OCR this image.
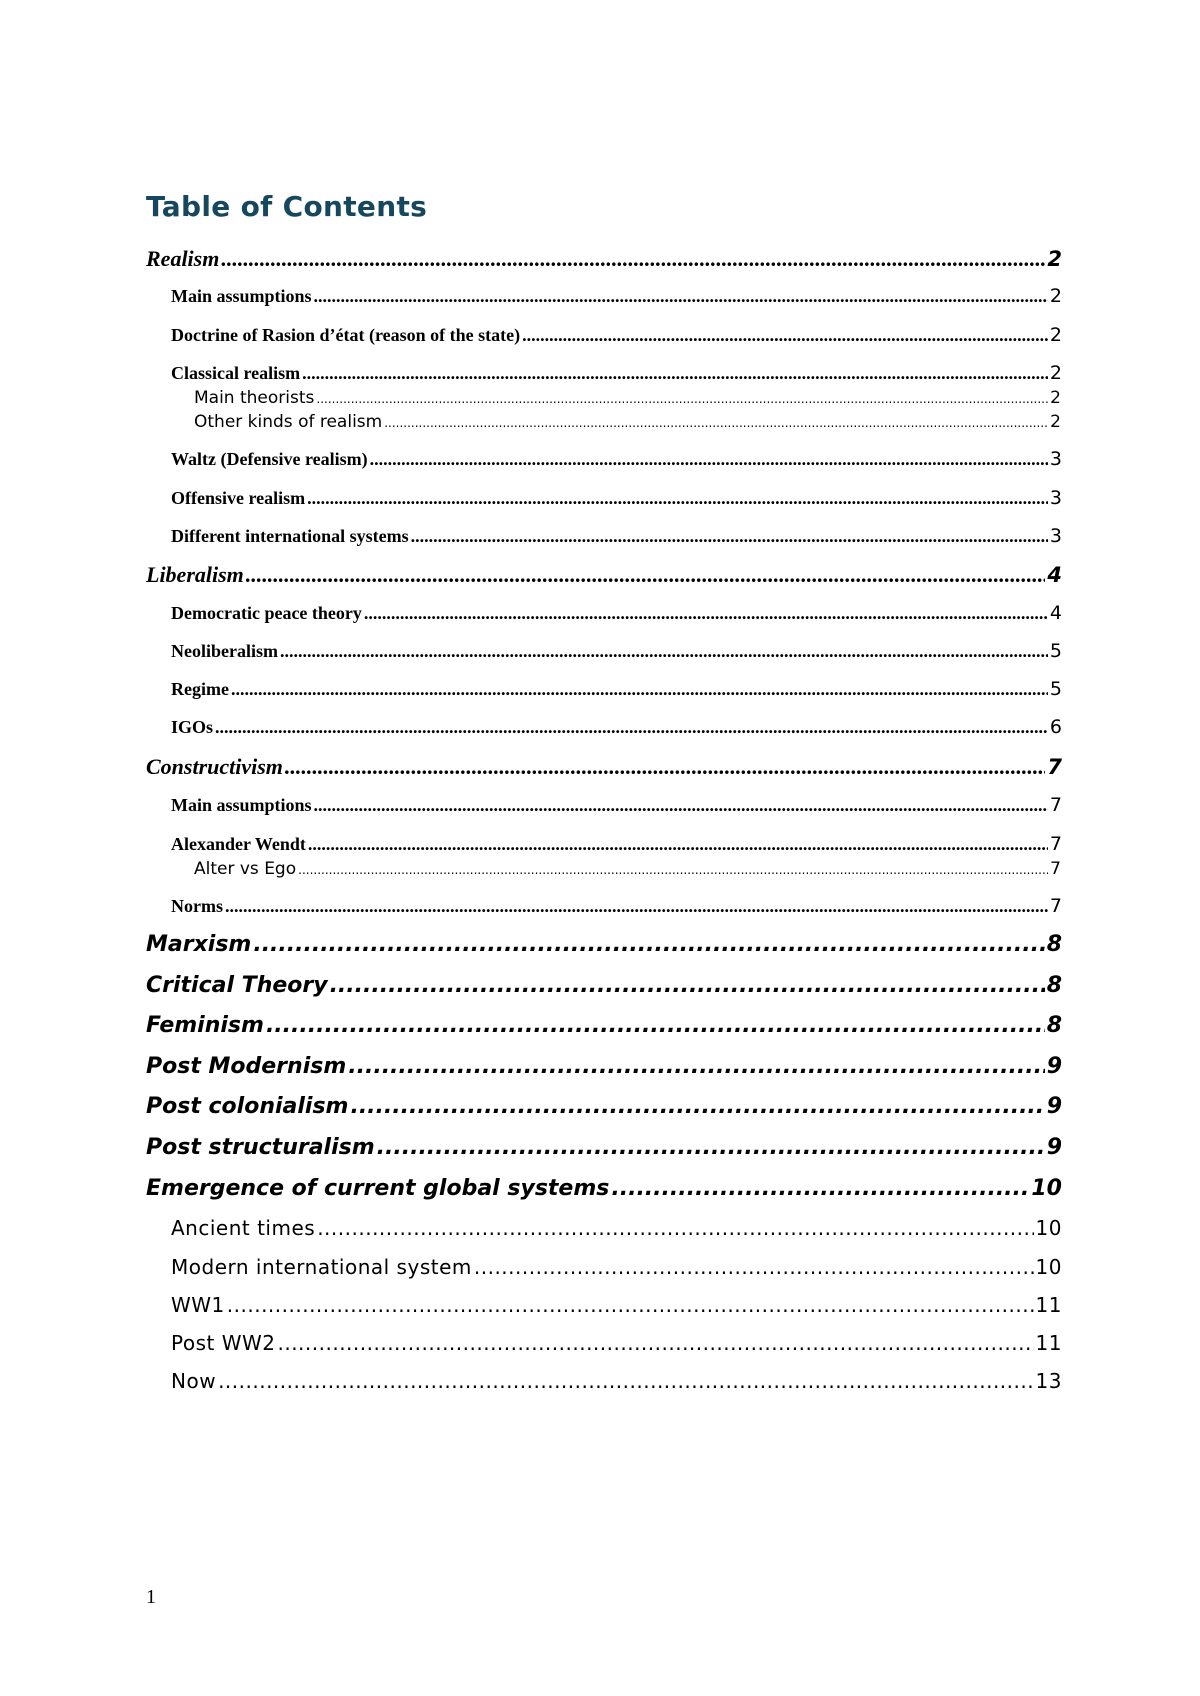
Table of Contents
Realism .....	2
Main assumptions .....	2
Doctrine of Rasion d’état (reason of the state) .....	2
Classical realism .....	2
Main theorists .....	2
Other kinds of realism .....	2
Waltz (Defensive realism) .....	3
Offensive realism .....	3
Different international systems .....	3
Liberalism .....	4
Democratic peace theory .....	4
Neoliberalism .....	5
Regime .....	5
IGOs .....	6
Constructivism .....	7
Main assumptions .....	7
Alexander Wendt .....	7
Alter vs Ego .....	7
Norms .....	7
Marxism .....	8
Critical Theory .....	8
Feminism .....	8
Post Modernism .....	9
Post colonialism .....	9
Post structuralism .....	9
Emergence of current global systems .....	10
Ancient times .....	10
Modern international system .....	10
WW1 .....	11
Post WW2 .....	11
Now .....	13
1
